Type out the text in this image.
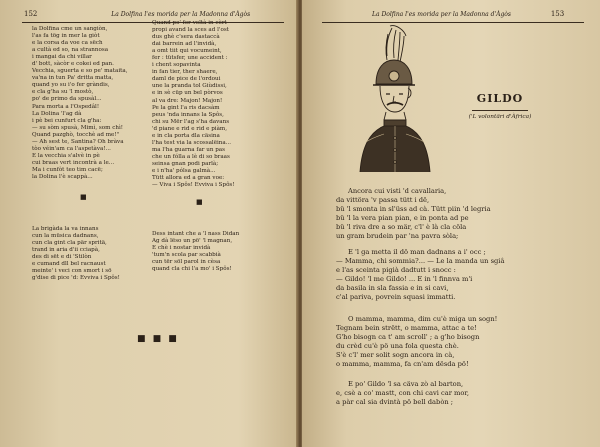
152	La Dolfina l'es morida per la Madonna d'Àgòs
la Dolfina cme un sangiòn,
l'as fa tög in mer la giòt
e la corsa da voe ca sëch
a cultà ed so, na strannosa
i mangai da chi villar
d' bott, sàcòr e cokei ed pan.
Vecchia, sguerta e so pe' mataita,
va'na in tun Pa' dritta matta,
quand yo su i'o fer gràndis,
e cla g'ha su 'l mostò,
po' de primo da spusàl...
Para morta a l'Ospedâl!
La Dolina 'l'ag dà
i pè bei cunfurt cla g'ha:
— su sòm spusà, Mimì, som chì!
Quand pazghò, tocchè ad me!"
— Ah sest te, Santina? Oh bràva
tòo véin'am ca l'aspetàva!...
E la vecchia s'alvè in pè
cui braas vert incontrà a le...
Ma i cunfòt teo tim cacë;
la Dolina l'è scappà...
■
La brigàda la va innans
cun la müsica dadnans,
cun cla gint cla pär spritä,
trand in aria d'ii cciapà,
des di sët e di 'Stilòn
e cumand dll bel racnaust
meinte' i veci con smort i sö
g'dise di pice 'd: Evviva i Spôs!
Quand po' fer voltà in cèrt
propi avand la sces ad l'ost
dus ghè c'sera dastaccà
dai barrein ad l'invidà,
a omt tiit qui vocumeint,
fer : tütsfer, une accident :
i chent sopavinta
in fan tier, ther shaere,
daml de pice de l'ordoui
une la pranda tol Giùdissi,
e in sè cüp un bel pòrvos
al va dre: Majon! Majon!
Pe la gint l'a ris dacsàm
peus 'nda innans la Spôs,
chi su Mër l'ag s'ha davans
'd piane e rid e rid e piàm,
e in cla porta dla cäsina
l'ha test via la scossalëina...
ma l'ha guarna far un pas
che un fólla a lè di so braas
seinsa gnan podi parlà;
e i n'ha' pólsa galmà...
Tütt allora ed a gran voe:
— Viva i Spôs! Evviva i Spôs!
■
Dess intant che a 'l nass Didan
Ag dà lëso un pö' 'l magnan,
E chè i nostar invidà
'tum'n scola par scabbià
cun tër söl parol in cèsa
quand cla chi l'a mo' i Spôs!
■ ■ ■
La Dolfina l'es morida per la Madonna d'Àgòs	153
GILDO
('L volontäri d'Àfrica)
Ancora cui visti 'd cavallaria,
da vittöra 'v passa tütt i dë,
bü 'l smonta in sl'üss ad cà. Tütt piin 'd legria
bü 'l la vera pian pian, e in ponta ad pe
bü 'l riva dre a so mär, c'l' è là cla cöla
un gram brudein par 'na pavra sòla;
E 'l ga metta il dö man dadnans a i' occ ;
— Mamma, chi sommia?... — Le la manda un sgiâ
e l'as sceinta pigià dadtutt i snocc :
— Gildo! 'l me Gildo! ... E in 'l finnva m'i
da basila in sla fassia e in si cavi,
c'al pariva, povrein squasi immatti.
O mamma, mamma, dim cu'è miga un sogn!
Tegnam bein strëtt, o mamma, attac a te!
G'ho bisogn ca t' am scroll' ; a g'ho bisogn
du crèd cu'è pö una fola questa chè.
S'è c'l' mer solit sogn ancora in cà,
o mamma, mamma, fa cn'am dësda pö!
E po' Gildo 'l sa cäva zò al barton,
e, csè a co' mastt, con chi cavi car mor,
a pàr cal sia dvintà pö bell dabòn ;
